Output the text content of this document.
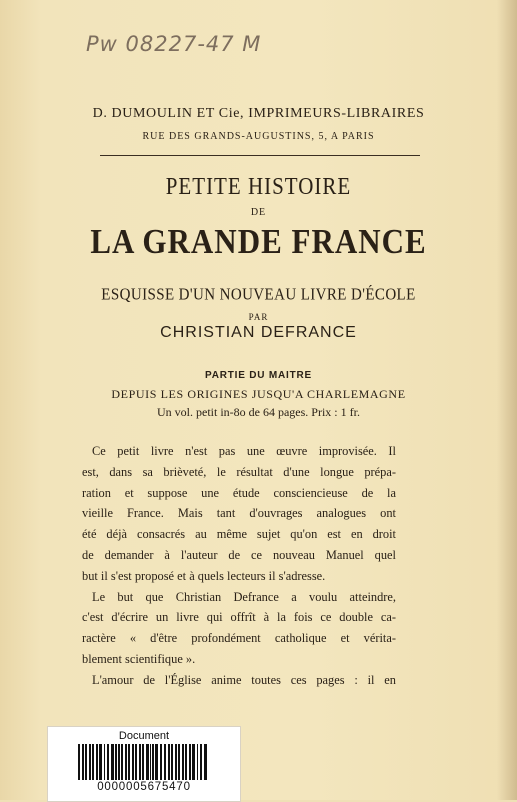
Pw 08227-47 M
D. DUMOULIN ET Cie, IMPRIMEURS-LIBRAIRES
RUE DES GRANDS-AUGUSTINS, 5, A PARIS
PETITE HISTOIRE
DE
LA GRANDE FRANCE
ESQUISSE D'UN NOUVEAU LIVRE D'ÉCOLE
PAR
CHRISTIAN DEFRANCE
PARTIE DU MAITRE
DEPUIS LES ORIGINES JUSQU'A CHARLEMAGNE
Un vol. petit in-8o de 64 pages. Prix : 1 fr.
Ce petit livre n'est pas une œuvre improvisée. Il
est, dans sa brièveté, le résultat d'une longue prépa-
ration et suppose une étude consciencieuse de la
vieille France. Mais tant d'ouvrages analogues ont
été déjà consacrés au même sujet qu'on est en droit
de demander à l'auteur de ce nouveau Manuel quel
but il s'est proposé et à quels lecteurs il s'adresse.
Le but que Christian Defrance a voulu atteindre,
c'est d'écrire un livre qui offrît à la fois ce double ca-
ractère « d'être profondément catholique et vérita-
blement scientifique ».
L'amour de l'Église anime toutes ces pages : il en
Document
0000005675470
